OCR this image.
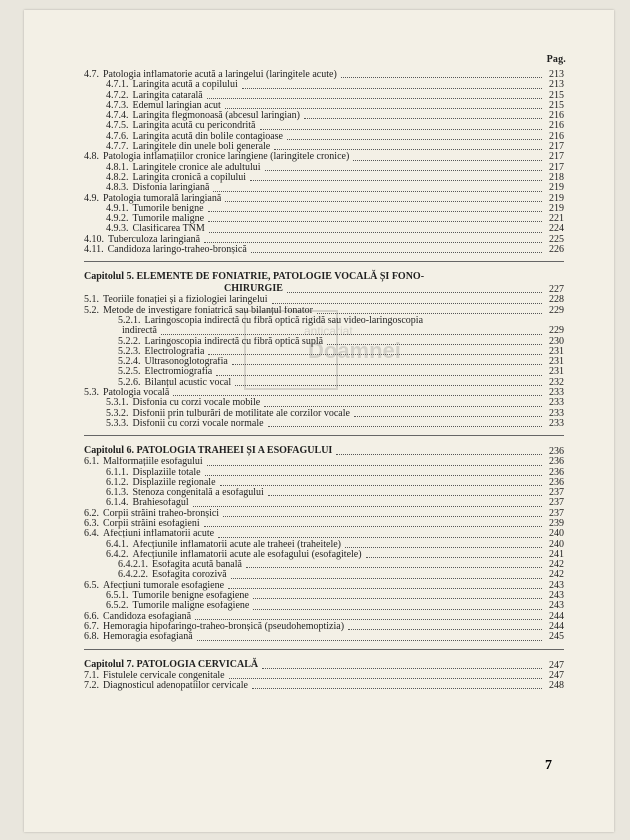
anticariat
Doamnei
Pag.
4.7. Patologia inflamatorie acută a laringelui (laringitele acute)	213
4.7.1. Laringita acută a copilului	213
4.7.2. Laringita catarală	215
4.7.3. Edemul laringian acut	215
4.7.4. Laringita flegmonoasă (abcesul laringian)	216
4.7.5. Laringita acută cu pericondrită	216
4.7.6. Laringita acută din bolile contagioase	216
4.7.7. Laringitele din unele boli generale	217
4.8. Patologia inflamațiilor cronice laringiene (laringitele cronice)	217
4.8.1. Laringitele cronice ale adultului	217
4.8.2. Laringita cronică a copilului	218
4.8.3. Disfonia laringiană	219
4.9. Patologia tumorală laringiană	219
4.9.1. Tumorile benigne	219
4.9.2. Tumorile maligne	221
4.9.3. Clasificarea TNM	224
4.10. Tuberculoza laringiană	225
4.11. Candidoza laringo-traheo-bronșică	226
Capitolul 5. ELEMENTE DE FONIATRIE, PATOLOGIE VOCALĂ ȘI FONO-
CHIRURGIE	227
5.1. Teoriile fonației și a fiziologiei laringelui	228
5.2. Metode de investigare foniatrică sau bilanțul fonator	229
5.2.1. Laringoscopia indirectă cu fibră optică rigidă sau video-laringoscopia
indirectă	229
5.2.2. Laringoscopia indirectă cu fibră optică suplă	230
5.2.3. Electrolografia	231
5.2.4. Ultrasonoglotografia	231
5.2.5. Electromiografia	231
5.2.6. Bilanțul acustic vocal	232
5.3. Patologia vocală	233
5.3.1. Disfonia cu corzi vocale mobile	233
5.3.2. Disfonii prin tulburări de motilitate ale corzilor vocale	233
5.3.3. Disfonii cu corzi vocale normale	233
Capitolul 6. PATOLOGIA TRAHEEI ȘI A ESOFAGULUI	236
6.1. Malformațiile esofagului	236
6.1.1. Displaziile totale	236
6.1.2. Displaziile regionale	236
6.1.3. Stenoza congenitală a esofagului	237
6.1.4. Brahiesofagul	237
6.2. Corpii străini traheo-bronșici	237
6.3. Corpii străini esofagieni	239
6.4. Afecțiuni inflamatorii acute	240
6.4.1. Afecțiunile inflamatorii acute ale traheei (traheitele)	240
6.4.2. Afecțiunile inflamatorii acute ale esofagului (esofagitele)	241
6.4.2.1. Esofagita acută banală	242
6.4.2.2. Esofagita corozivă	242
6.5. Afecțiuni tumorale esofagiene	243
6.5.1. Tumorile benigne esofagiene	243
6.5.2. Tumorile maligne esofagiene	243
6.6. Candidoza esofagiană	244
6.7. Hemoragia hipofaringo-traheo-bronșică (pseudohemoptizia)	244
6.8. Hemoragia esofagiană	245
Capitolul 7. PATOLOGIA CERVICALĂ	247
7.1. Fistulele cervicale congenitale	247
7.2. Diagnosticul adenopatiilor cervicale	248
7
